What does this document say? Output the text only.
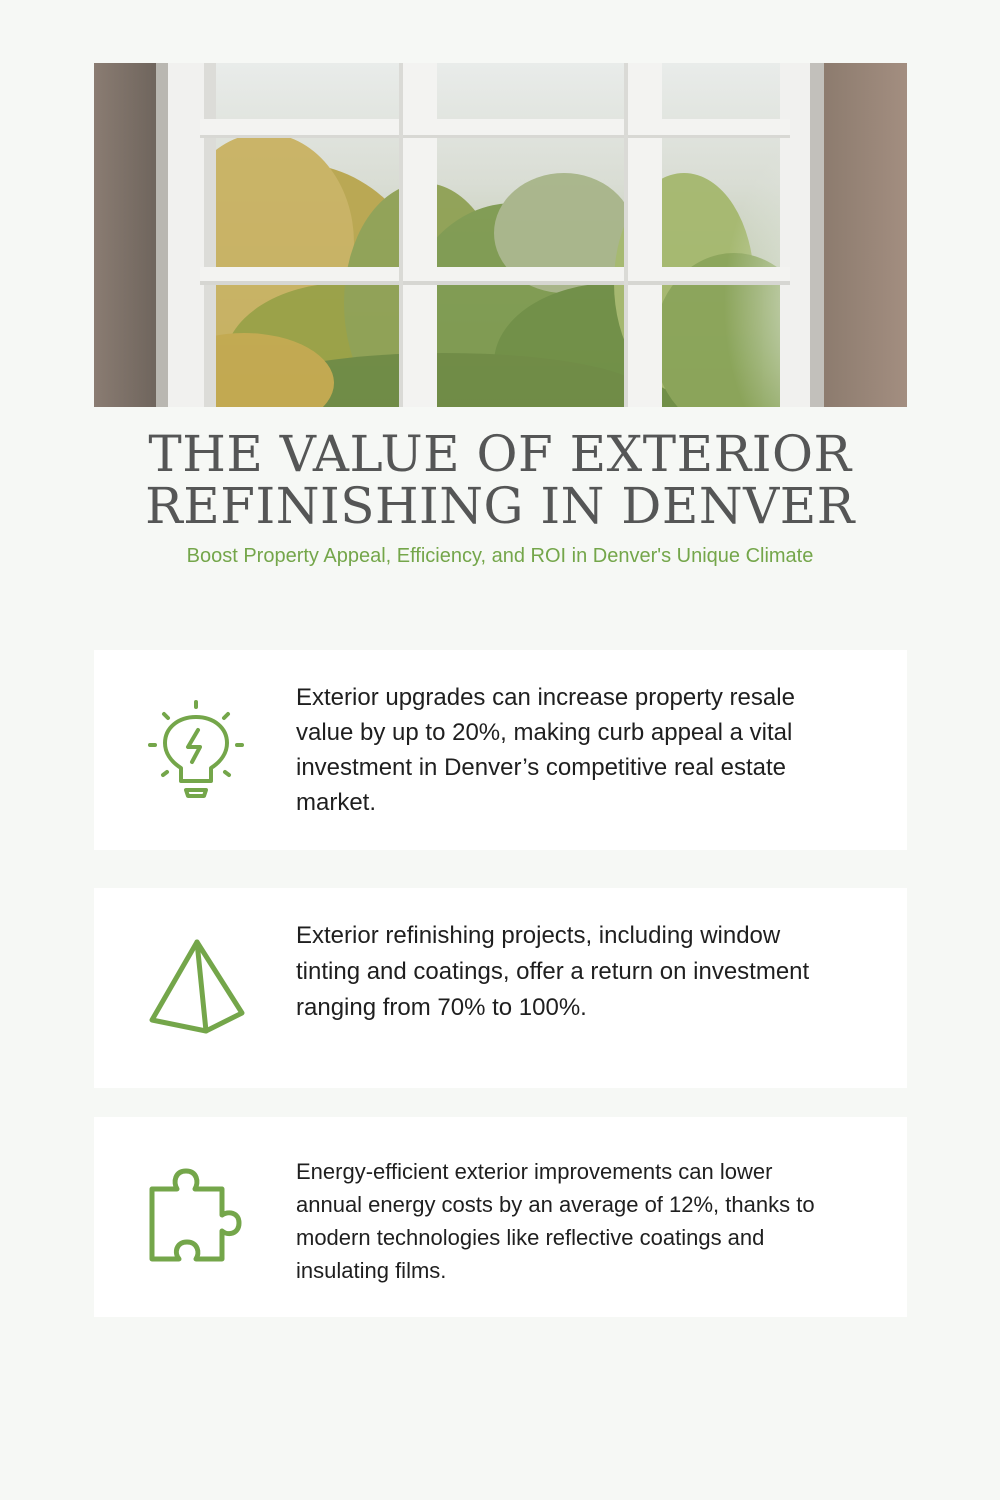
THE VALUE OF EXTERIOR REFINISHING IN DENVER

Boost Property Appeal, Efficiency, and ROI in Denver's Unique Climate

Exterior upgrades can increase property resale value by up to 20%, making curb appeal a vital investment in Denver’s competitive real estate market.

Exterior refinishing projects, including window tinting and coatings, offer a return on investment ranging from 70% to 100%.

Energy-efficient exterior improvements can lower annual energy costs by an average of 12%, thanks to modern technologies like reflective coatings and insulating films.
